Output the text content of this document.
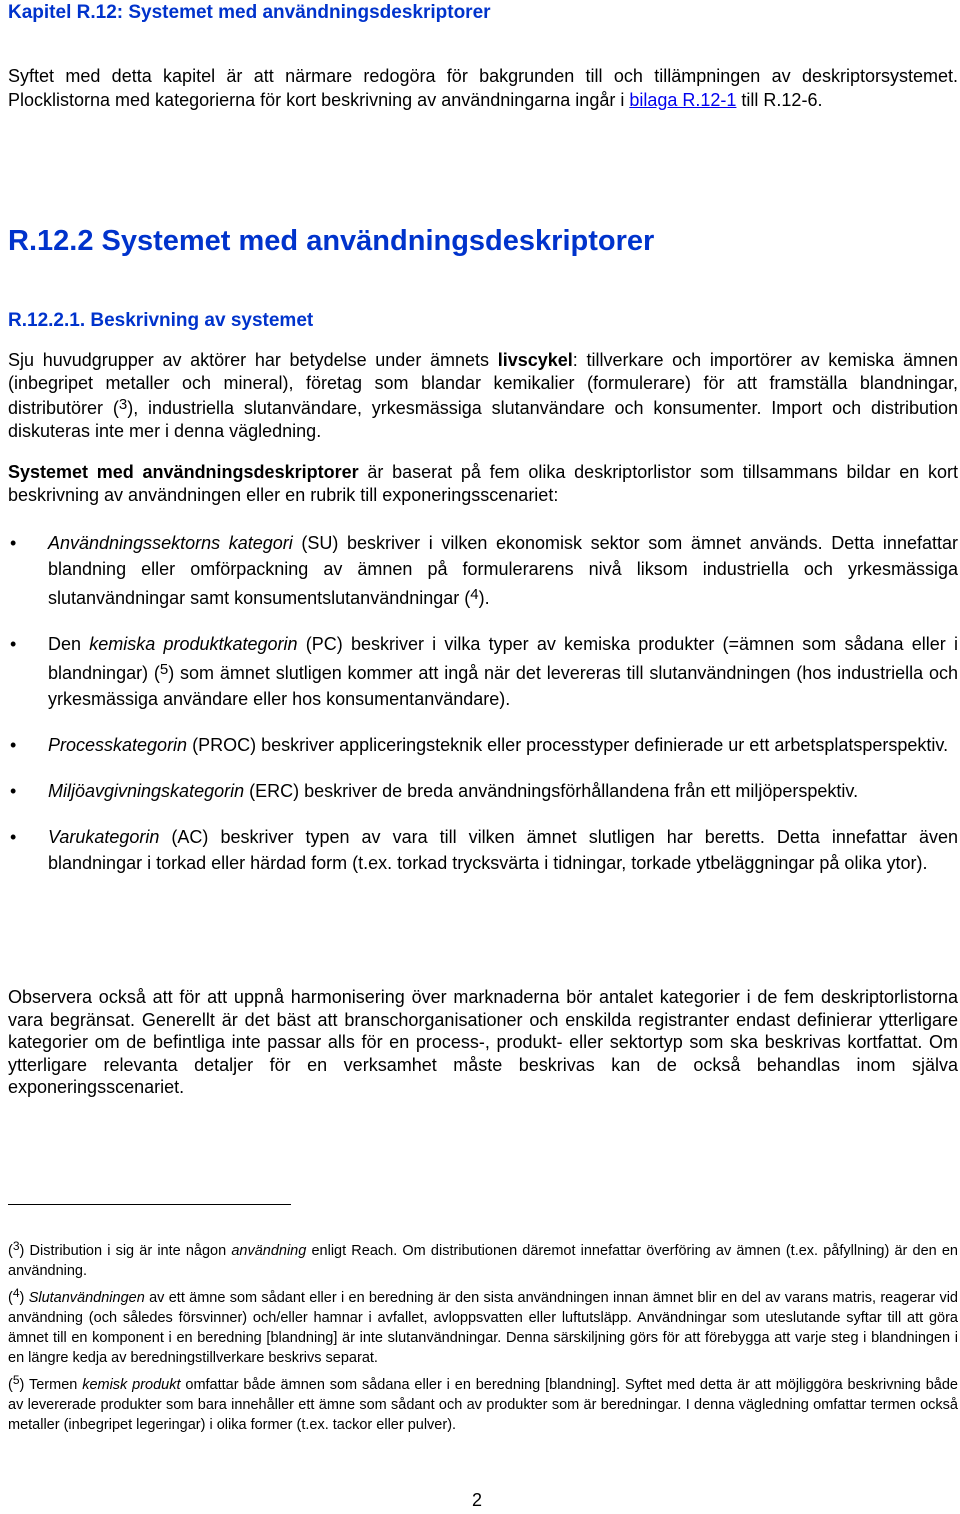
Kapitel R.12: Systemet med användningsdeskriptorer

Syftet med detta kapitel är att närmare redogöra för bakgrunden till och tillämpningen av deskriptorsystemet. Plocklistorna med kategorierna för kort beskrivning av användningarna ingår i bilaga R.12-1 till R.12-6.

R.12.2 Systemet med användningsdeskriptorer
R.12.2.1. Beskrivning av systemet

Sju huvudgrupper av aktörer har betydelse under ämnets livscykel: tillverkare och importörer av kemiska ämnen (inbegripet metaller och mineral), företag som blandar kemikalier (formulerare) för att framställa blandningar, distributörer ($^3$), industriella slutanvändare, yrkesmässiga slutanvändare och konsumenter. Import och distribution diskuteras inte mer i denna vägledning.

Systemet med användningsdeskriptorer är baserat på fem olika deskriptorlistor som tillsammans bildar en kort beskrivning av användningen eller en rubrik till exponeringsscenariet:

• Användningssektorns kategori (SU) beskriver i vilken ekonomisk sektor som ämnet används. Detta innefattar blandning eller omförpackning av ämnen på formulerarens nivå liksom industriella och yrkesmässiga slutanvändningar samt konsumentslutanvändningar ($^4$).
• Den kemiska produktkategorin (PC) beskriver i vilka typer av kemiska produkter (=ämnen som sådana eller i blandningar) ($^5$) som ämnet slutligen kommer att ingå när det levereras till slutanvändningen (hos industriella och yrkesmässiga användare eller hos konsumentanvändare).
• Processkategorin (PROC) beskriver appliceringsteknik eller processtyper definierade ur ett arbetsplatsperspektiv.
• Miljöavgivningskategorin (ERC) beskriver de breda användningsförhållandena från ett miljöperspektiv.
• Varukategorin (AC) beskriver typen av vara till vilken ämnet slutligen har beretts. Detta innefattar även blandningar i torkad eller härdad form (t.ex. torkad trycksvärta i tidningar, torkade ytbeläggningar på olika ytor).

Observera också att för att uppnå harmonisering över marknaderna bör antalet kategorier i de fem deskriptorlistorna vara begränsat. Generellt är det bäst att branschorganisationer och enskilda registranter endast definierar ytterligare kategorier om de befintliga inte passar alls för en process-, produkt- eller sektortyp som ska beskrivas kortfattat. Om ytterligare relevanta detaljer för en verksamhet måste beskrivas kan de också behandlas inom själva exponeringsscenariet.

($^3$) Distribution i sig är inte någon användning enligt Reach. Om distributionen däremot innefattar överföring av ämnen (t.ex. påfyllning) är den en användning.

($^4$) Slutanvändningen av ett ämne som sådant eller i en beredning är den sista användningen innan ämnet blir en del av varans matris, reagerar vid användning (och således försvinner) och/eller hamnar i avfallet, avloppsvatten eller luftutsläpp. Användningar som uteslutande syftar till att göra ämnet till en komponent i en beredning [blandning] är inte slutanvändningar. Denna särskiljning görs för att förebygga att varje steg i blandningen i en längre kedja av beredningstillverkare beskrivs separat.

($^5$) Termen kemisk produkt omfattar både ämnen som sådana eller i en beredning [blandning]. Syftet med detta är att möjliggöra beskrivning både av levererade produkter som bara innehåller ett ämne som sådant och av produkter som är beredningar. I denna vägledning omfattar termen också metaller (inbegripet legeringar) i olika former (t.ex. tackor eller pulver).

2
